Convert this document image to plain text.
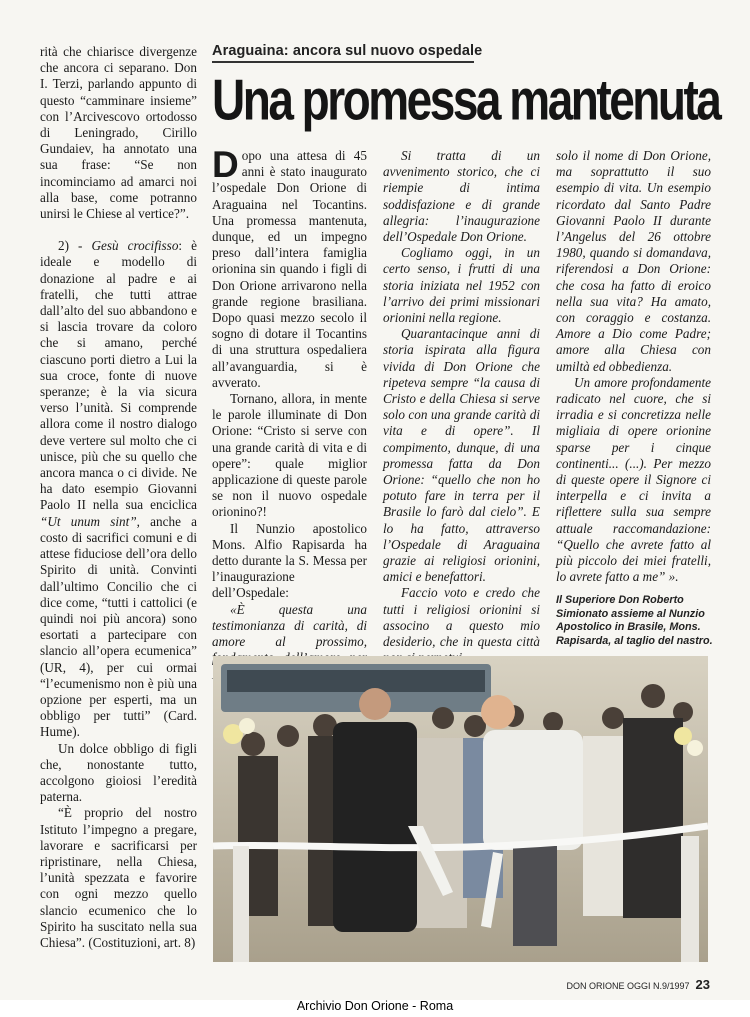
rità che chiarisce divergenze che ancora ci separano. Don I. Terzi, parlando appunto di questo “camminare insieme” con l’Arcivescovo ortodosso di Leningrado, Cirillo Gundaiev, ha annotato una sua frase: “Se non incominciamo ad amarci noi alla base, come potranno unirsi le Chiese al vertice?”.

2) - Gesù crocifisso: è ideale e modello di donazione al padre e ai fratelli, che tutti attrae dall’alto del suo abbandono e si lascia trovare da coloro che si amano, perché ciascuno porti dietro a Lui la sua croce, fonte di nuove speranze; è la via sicura verso l’unità. Si comprende allora come il nostro dialogo deve vertere sul molto che ci unisce, più che su quello che ancora manca o ci divide. Ne ha dato esempio Giovanni Paolo II nella sua enciclica “Ut unum sint”, anche a costo di sacrifici comuni e di attese fiduciose dell’ora dello Spirito di unità. Convinti dall’ultimo Concilio che ci dice come, “tutti i cattolici (e quindi noi più ancora) sono esortati a partecipare con slancio all’opera ecumenica” (UR, 4), per cui ormai “l’ecumenismo non è più una opzione per esperti, ma un obbligo per tutti” (Card. Hume).

Un dolce obbligo di figli che, nonostante tutto, accolgono gioiosi l’eredità paterna.

“È proprio del nostro Istituto l’impegno a pregare, lavorare e sacrificarsi per ripristinare, nella Chiesa, l’unità spezzata e favorire con ogni mezzo quello slancio ecumenico che lo Spirito ha suscitato nella sua Chiesa”. (Costituzioni, art. 8)

Araguaina: ancora sul nuovo ospedale
Una promessa mantenuta

Dopo una attesa di 45 anni è stato inaugurato l’ospedale Don Orione di Araguaina nel Tocantins. Una promessa mantenuta, dunque, ed un impegno preso dall’intera famiglia orionina sin quando i figli di Don Orione arrivarono nella grande regione brasiliana. Dopo quasi mezzo secolo il sogno di dotare il Tocantins di una struttura ospedaliera all’avanguardia, si è avverato.

Tornano, allora, in mente le parole illuminate di Don Orione: “Cristo si serve con una grande carità di vita e di opere”: quale miglior applicazione di queste parole se non il nuovo ospedale orionino?!

Il Nunzio apostolico Mons. Alfio Rapisarda ha detto durante la S. Messa per l’inaugurazione dell’Ospedale:

«È questa una testimonianza di carità, di amore al prossimo,

Si tratta di un avvenimento storico, che ci riempie di intima soddisfazione e di grande allegria: l’inaugurazione dell’Ospedale Don Orione.

Cogliamo oggi, in un certo senso, i frutti di una storia iniziata nel 1952 con l’arrivo dei primi missionari orionini nella regione.

Quarantacinque anni di storia ispirata alla figura vivida di Don Orione che ripeteva sempre “la causa di Cristo e della Chiesa si serve solo con una grande carità di vita e di opere”. Il compimento, dunque, di una promessa fatta da Don Orione: “quello che non ho potuto fare in terra per il Brasile lo farò dal cielo”. E lo ha fatto, attraverso l’Ospedale di Araguaina grazie ai religiosi orionini, amici e benefattori.

Faccio voto e credo che tutti i religiosi orionini si associno a questo mio desiderio, che in questa città

solo il nome di Don Orione, ma soprattutto il suo esempio di vita. Un esempio ricordato dal Santo Padre Giovanni Paolo II durante l’Angelus del 26 ottobre 1980, quando si domandava, riferendosi a Don Orione: che cosa ha fatto di eroico nella sua vita? Ha amato, con coraggio e costanza. Amore a Dio come Padre; amore alla Chiesa con umiltà ed obbedienza.

Un amore profondamente radicato nel cuore, che si irradia e si concretizza nelle migliaia di opere orionine sparse per i cinque continenti... (...). Per mezzo di queste opere il Signore ci interpella e ci invita a riflettere sulla sua sempre attuale raccomandazione: “Quello che avrete fatto al più piccolo dei miei fratelli, lo avrete fatto a me” ».

Il Superiore Don Roberto Simionato assieme al Nunzio Apostolico in Brasile, Mons. Rapisarda, al taglio del nastro.
DON ORIONE OGGI N.9/1997 23
Archivio Don Orione - Roma
